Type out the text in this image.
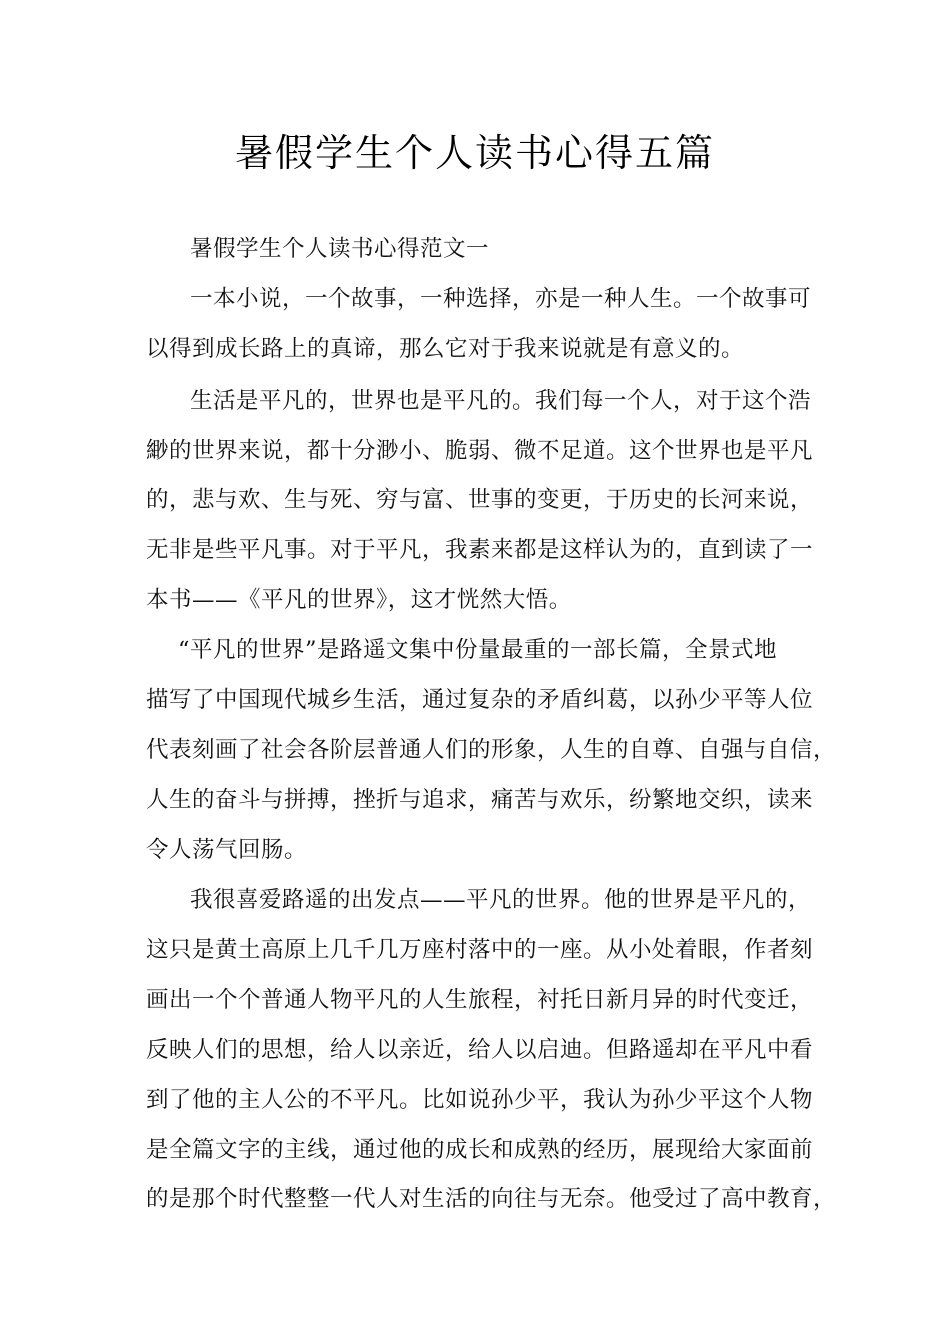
暑假学生个人读书心得五篇
暑假学生个人读书心得范文一
一本小说，一个故事，一种选择，亦是一种人生。一个故事可
以得到成长路上的真谛，那么它对于我来说就是有意义的。
生活是平凡的，世界也是平凡的。我们每一个人，对于这个浩
緲的世界来说，都十分渺小、脆弱、微不足道。这个世界也是平凡
的，悲与欢、生与死、穷与富、世事的变更，于历史的长河来说，
无非是些平凡事。对于平凡，我素来都是这样认为的，直到读了一
本书——《平凡的世界》，这才恍然大悟。
“平凡的世界”是路遥文集中份量最重的一部长篇，全景式地
描写了中国现代城乡生活，通过复杂的矛盾纠葛，以孙少平等人位
代表刻画了社会各阶层普通人们的形象，人生的自尊、自强与自信，
人生的奋斗与拼搏，挫折与追求，痛苦与欢乐，纷繁地交织，读来
令人荡气回肠。
我很喜爱路遥的出发点——平凡的世界。他的世界是平凡的，
这只是黄土高原上几千几万座村落中的一座。从小处着眼，作者刻
画出一个个普通人物平凡的人生旅程，衬托日新月异的时代变迁，
反映人们的思想，给人以亲近，给人以启迪。但路遥却在平凡中看
到了他的主人公的不平凡。比如说孙少平，我认为孙少平这个人物
是全篇文字的主线，通过他的成长和成熟的经历，展现给大家面前
的是那个时代整整一代人对生活的向往与无奈。他受过了高中教育，
